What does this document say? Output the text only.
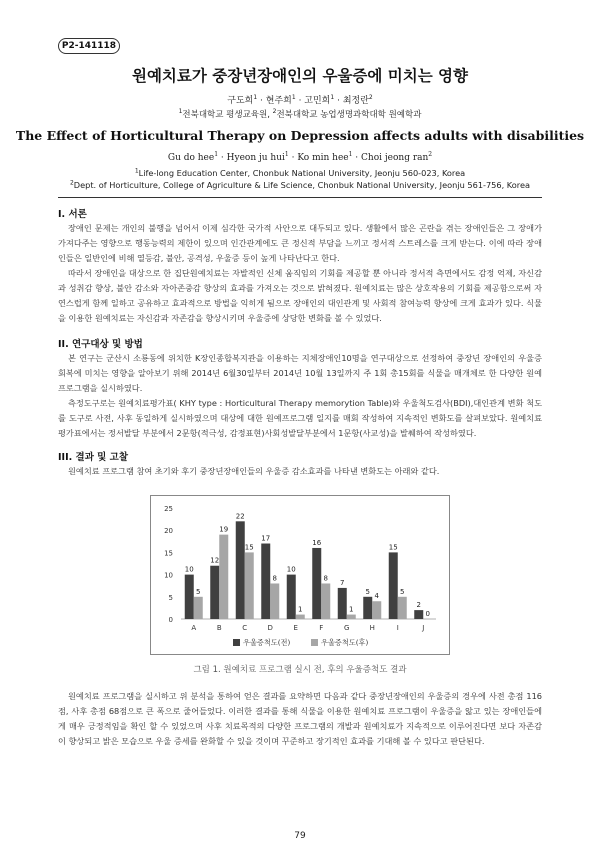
P2-141118
원예치료가 중장년장애인의 우울증에 미치는 영향
구도희$^1$ · 현주희$^1$ · 고민희$^1$ · 최정란$^2$
$^1$전북대학교 평생교육원, $^2$전북대학교 농업생명과학대학 원예학과
The Effect of Horticultural Therapy on Depression affects adults with disabilities
Gu do hee$^1$ · Hyeon ju hui$^1$ · Ko min hee$^1$ · Choi jeong ran$^2$
$^1$Life-long Education Center, Chonbuk National University, Jeonju 560-023, Korea
$^2$Dept. of Horticulture, College of Agriculture & Life Science, Chonbuk National University, Jeonju 561-756, Korea
I. 서론
장애인 문제는 개인의 불행을 넘어서 이제 심각한 국가적 사안으로 대두되고 있다. 생활에서 많은 곤란을 겪는 장애인들은 그 장애가 가져다주는 영향으로 행동능력의 제한이 있으며 인간관계에도 큰 정신적 부담을 느끼고 정서적 스트레스를 크게 받는다. 이에 따라 장애인들은 일반인에 비해 열등감, 불안, 공격성, 우울증 등이 높게 나타난다고 한다.
따라서 장애인을 대상으로 한 집단원예치료는 자발적인 신체 움직임의 기회를 제공할 뿐 아니라 정서적 측면에서도 감정 억제, 자신감과 성취감 향상, 불안 감소와 자아존중감 향상의 효과를 가져오는 것으로 밝혀졌다. 원예치료는 많은 상호작용의 기회를 제공함으로써 자연스럽게 함께 일하고 공유하고 효과적으로 방법을 익히게 됨으로 장애인의 대인관계 및 사회적 참여능력 향상에 크게 효과가 있다. 식물을 이용한 원예치료는 자신감과 자존감을 향상시키며 우울증에 상당한 변화를 볼 수 있었다.
II. 연구대상 및 방법
본 연구는 군산시 소룡동에 위치한 K장인종합복지관을 이용하는 지체장애인10명을 연구대상으로 선정하여 중장년 장애인의 우울증회복에 미치는 영향을 알아보기 위해 2014년 6월30일부터 2014년 10월 13일까지 주 1회 총15회를 식물을 매개체로 한 다양한 원예프로그램을 실시하였다.
측정도구로는 원예치료평가표( KHY type : Horticultural Therapy memorytion Table)와 우울척도검사(BDI),대인관계 변화 척도를 도구로 사전, 사후 동일하게 실시하였으며 대상에 대한 원예프로그램 일지를 매회 작성하여 지속적인 변화도를 살펴보았다. 원예치료평가표에서는 정서발달 부분에서 2문항(적극성, 감정표현)사회성발달부분에서 1문항(사교성)을 발췌하여 작성하였다.
III. 결과 및 고찰
원예치료 프로그램 참여 초기와 후기 중장년장애인들의 우울증 감소효과를 나타낸 변화도는 아래와 같다.
0
5
10
15
20
25
10
5
A
12
19
B
22
15
C
17
8
D
10
1
E
16
8
F
7
1
G
5
4
H
15
5
I
2
0
J
우울증척도(전)	우울증척도(후)
그림 1. 원예치료 프로그램 실시 전, 후의 우울증척도 결과
원예치료 프로그램을 실시하고 위 분석을 통하여 얻은 결과를 요약하면 다음과 같다 중장년장애인의 우울증의 경우에 사전 총점 116점, 사후 총점 68점으로 큰 폭으로 줄어들었다. 이러한 결과를 통해 식물을 이용한 원예치료 프로그램이 우울증을 앓고 있는 장애인들에게 매우 긍정적임을 확인 할 수 있었으며 사후 치료목적의 다양한 프로그램의 개발과 원예치료가 지속적으로 이루어진다면 보다 자존감이 향상되고 밝은 모습으로 우울 증세를 완화할 수 있을 것이며 꾸준하고 장기적인 효과를 기대해 볼 수 있다고 판단된다.
79
